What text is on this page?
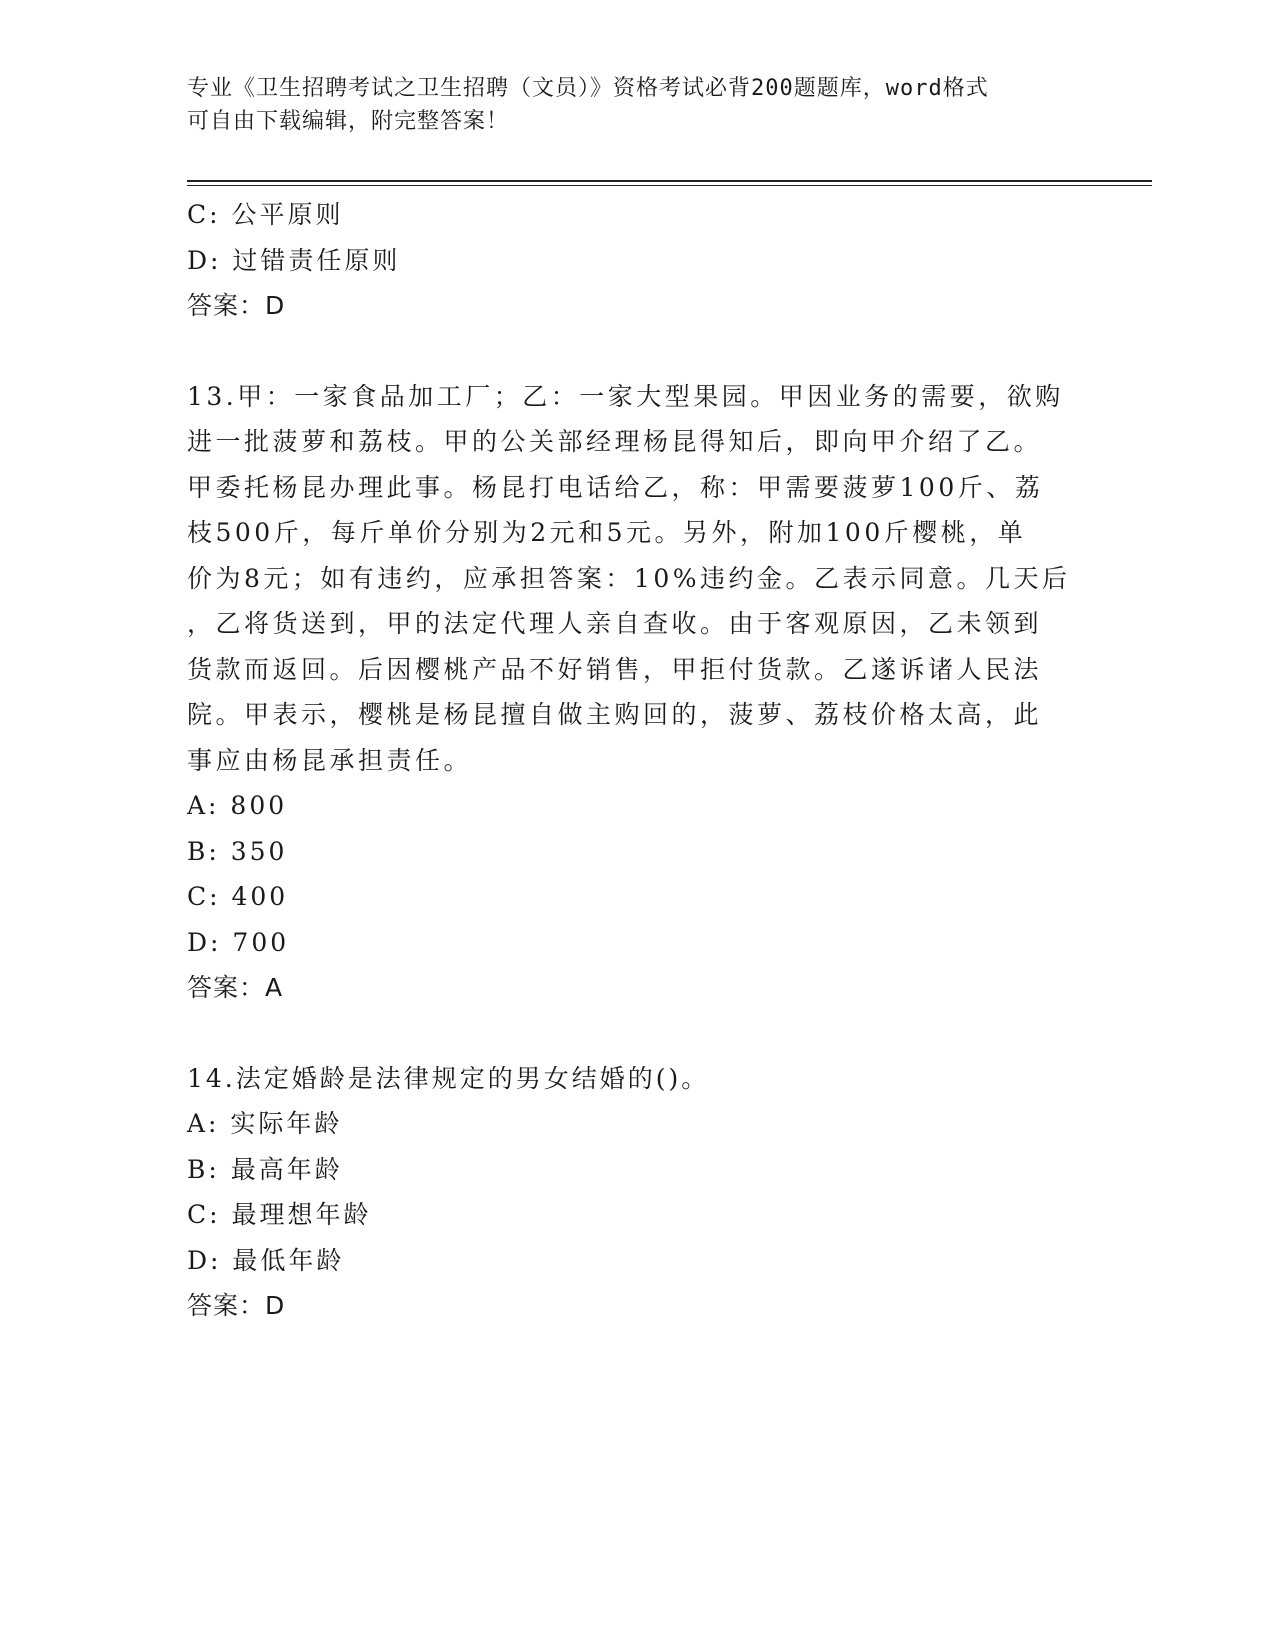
专业《卫生招聘考试之卫生招聘（文员）》资格考试必背200题题库，word格式
可自由下载编辑，附完整答案！
C: 公平原则
D: 过错责任原则
答案：D
13.甲：一家食品加工厂；乙：一家大型果园。甲因业务的需要，欲购
进一批菠萝和荔枝。甲的公关部经理杨昆得知后，即向甲介绍了乙。
甲委托杨昆办理此事。杨昆打电话给乙，称：甲需要菠萝100斤、荔
枝500斤，每斤单价分别为2元和5元。另外，附加100斤樱桃，单
价为8元；如有违约，应承担答案：10%违约金。乙表示同意。几天后
，乙将货送到，甲的法定代理人亲自查收。由于客观原因，乙未领到
货款而返回。后因樱桃产品不好销售，甲拒付货款。乙遂诉诸人民法
院。甲表示，樱桃是杨昆擅自做主购回的，菠萝、荔枝价格太高，此
事应由杨昆承担责任。
A: 800
B: 350
C: 400
D: 700
答案：A
14.法定婚龄是法律规定的男女结婚的()。
A: 实际年龄
B: 最高年龄
C: 最理想年龄
D: 最低年龄
答案：D
